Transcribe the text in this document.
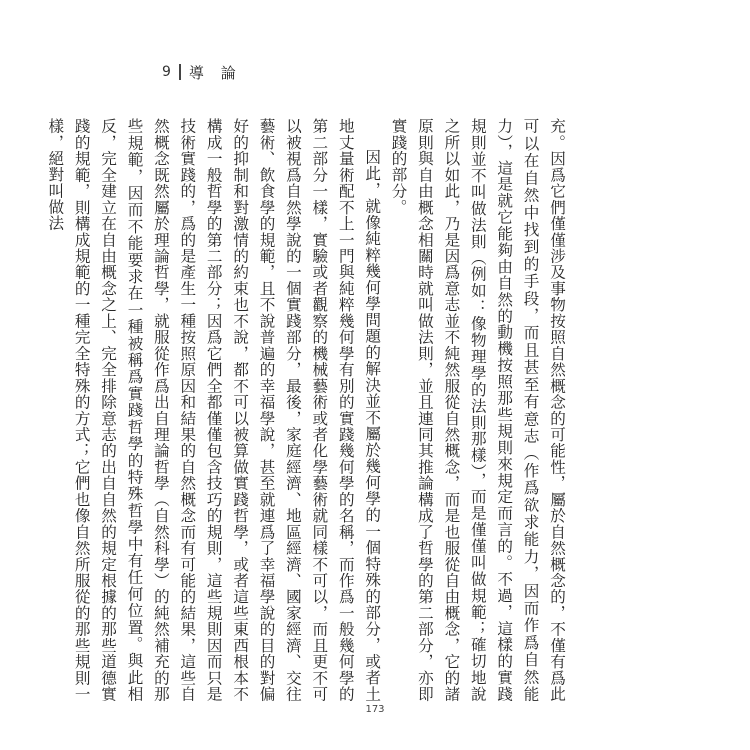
9 導 論

充。因爲它們僅僅涉及事物按照自然概念的可能性，屬於自然概念的，不僅有爲此可以在自然中找到的手段，而且甚至有意志（作爲欲求能力，因而作爲自然能力），這是就它能夠由自然的動機按照那些規則來規定而言的。不過，這樣的實踐規則並不叫做法則（例如：像物理學的法則那樣），而是僅僅叫做規範；確切地說之所以如此，乃是因爲意志並不純然服從自然概念，而是也服從自由概念，它的諸原則與自由概念相關時就叫做法則，並且連同其推論構成了哲學的第二部分，亦即實踐的部分。

因此，就像純粹幾何學問題的解決並不屬於幾何學的一個特殊的部分，或者土地丈量術配不上一門與純粹幾何學有別的實踐幾何學的名稱，而作爲一般幾何學的第二部分一樣，實驗或者觀察的機械藝術或者化學藝術就同樣不可以，而且更不可以被視爲自然學說的一個實踐部分，最後，家庭經濟、地區經濟、國家經濟、交往藝術、飲食學的規範，且不說普遍的幸福學說，甚至就連爲了幸福學說的目的對偏好的抑制和對激情的約束也不說，都不可以被算做實踐哲學，或者這些東西根本不構成一般哲學的第二部分；因爲它們全都僅僅包含技巧的規則，這些規則因而只是技術實踐的，爲的是產生一種按照原因和結果的自然概念而有可能的結果，這些自然概念既然屬於理論哲學，就服從作爲出自理論哲學（自然科學）的純然補充的那些規範，因而不能要求在一種被稱爲實踐哲學的特殊哲學中有任何位置。與此相反，完全建立在自由概念之上、完全排除意志的出自自然的規定根據的那些道德實踐的規範，則構成規範的一種完全特殊的方式；它們也像自然所服從的那些規則一樣，絕對叫做法

173
